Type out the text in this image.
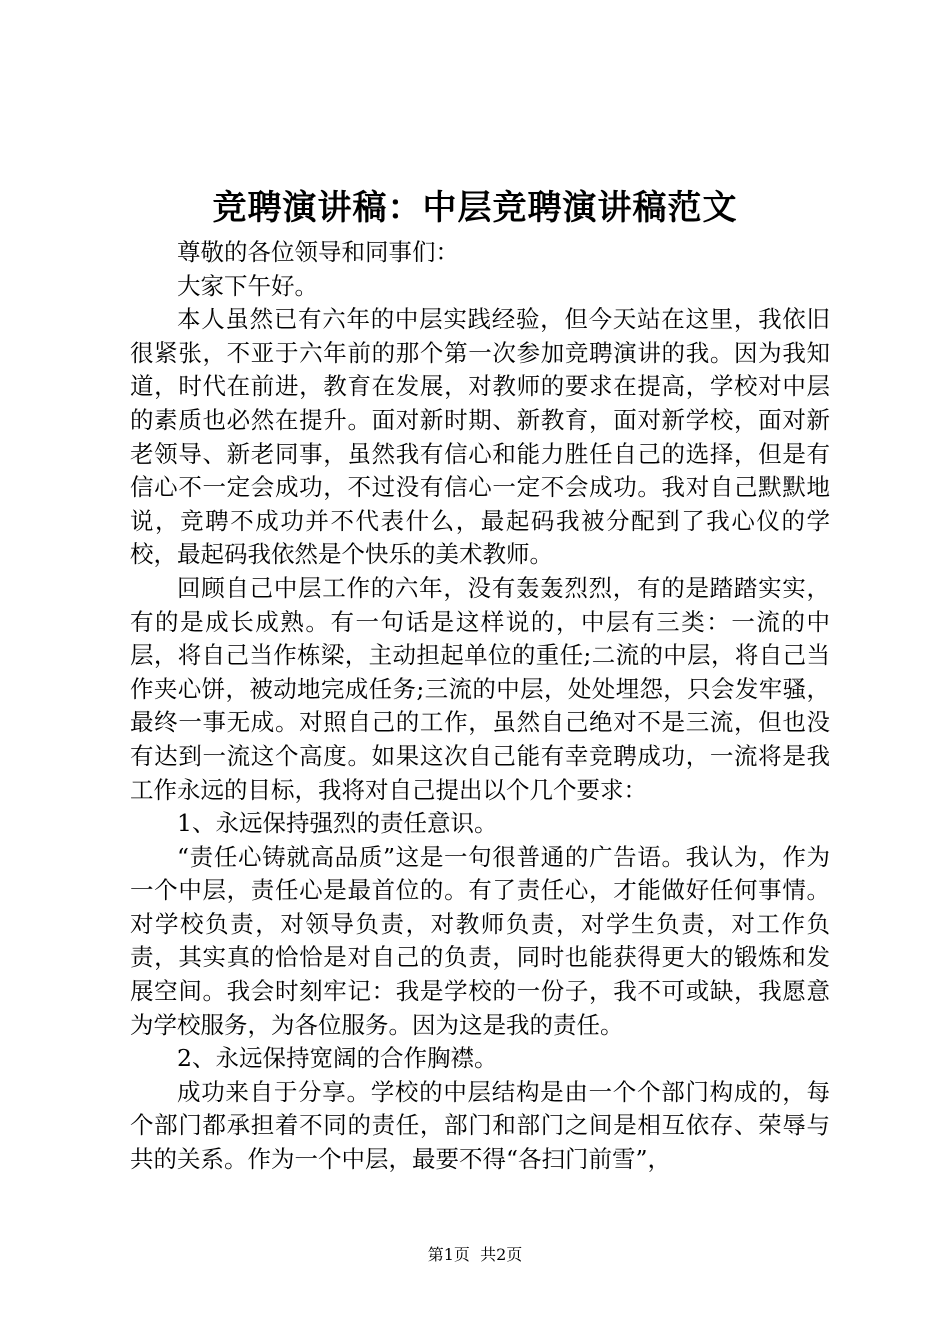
竞聘演讲稿：中层竞聘演讲稿范文

尊敬的各位领导和同事们：

大家下午好。

本人虽然已有六年的中层实践经验，但今天站在这里，我依旧很紧张，不亚于六年前的那个第一次参加竞聘演讲的我。因为我知道，时代在前进，教育在发展，对教师的要求在提高，学校对中层的素质也必然在提升。面对新时期、新教育，面对新学校，面对新老领导、新老同事，虽然我有信心和能力胜任自己的选择，但是有信心不一定会成功，不过没有信心一定不会成功。我对自己默默地说，竞聘不成功并不代表什么，最起码我被分配到了我心仪的学校，最起码我依然是个快乐的美术教师。

回顾自己中层工作的六年，没有轰轰烈烈，有的是踏踏实实，有的是成长成熟。有一句话是这样说的，中层有三类：一流的中层，将自己当作栋梁，主动担起单位的重任;二流的中层，将自己当作夹心饼，被动地完成任务;三流的中层，处处埋怨，只会发牢骚，最终一事无成。对照自己的工作，虽然自己绝对不是三流，但也没有达到一流这个高度。如果这次自己能有幸竞聘成功，一流将是我工作永远的目标，我将对自己提出以个几个要求：

1、永远保持强烈的责任意识。

“责任心铸就高品质”这是一句很普通的广告语。我认为，作为一个中层，责任心是最首位的。有了责任心，才能做好任何事情。对学校负责，对领导负责，对教师负责，对学生负责，对工作负责，其实真的恰恰是对自己的负责，同时也能获得更大的锻炼和发展空间。我会时刻牢记：我是学校的一份子，我不可或缺，我愿意为学校服务，为各位服务。因为这是我的责任。

2、永远保持宽阔的合作胸襟。

成功来自于分享。学校的中层结构是由一个个部门构成的，每个部门都承担着不同的责任，部门和部门之间是相互依存、荣辱与共的关系。作为一个中层，最要不得“各扫门前雪”，

第1页  共2页
